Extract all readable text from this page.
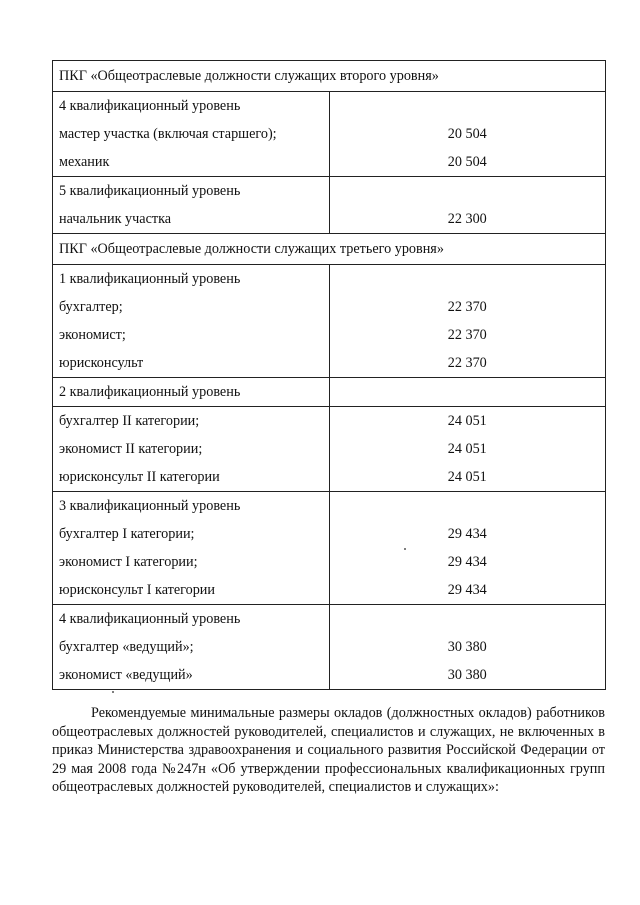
ПКГ «Общеотраслевые должности служащих второго уровня»	
4 квалификационный уровень	
мастер участка (включая старшего);	20 504
механик	20 504
5 квалификационный уровень	
начальник участка	22 300
ПКГ «Общеотраслевые должности служащих третьего уровня»	
1 квалификационный уровень	
бухгалтер;	22 370
экономист;	22 370
юрисконсульт	22 370
2 квалификационный уровень	
бухгалтер II категории;	24 051
экономист II категории;	24 051
юрисконсульт II категории	24 051
3 квалификационный уровень	
бухгалтер I категории;	29 434
экономист I категории;	29 434
юрисконсульт I категории	29 434
4 квалификационный уровень	
бухгалтер «ведущий»;	30 380
экономист «ведущий»	30 380

Рекомендуемые минимальные размеры окладов (должностных окладов) работников общеотраслевых должностей руководителей, специалистов и служащих, не включенных в приказ Министерства здравоохранения и социального развития Российской Федерации от 29 мая 2008 года №247н «Об утверждении профессиональных квалификационных групп общеотраслевых должностей руководителей, специалистов и служащих»:
